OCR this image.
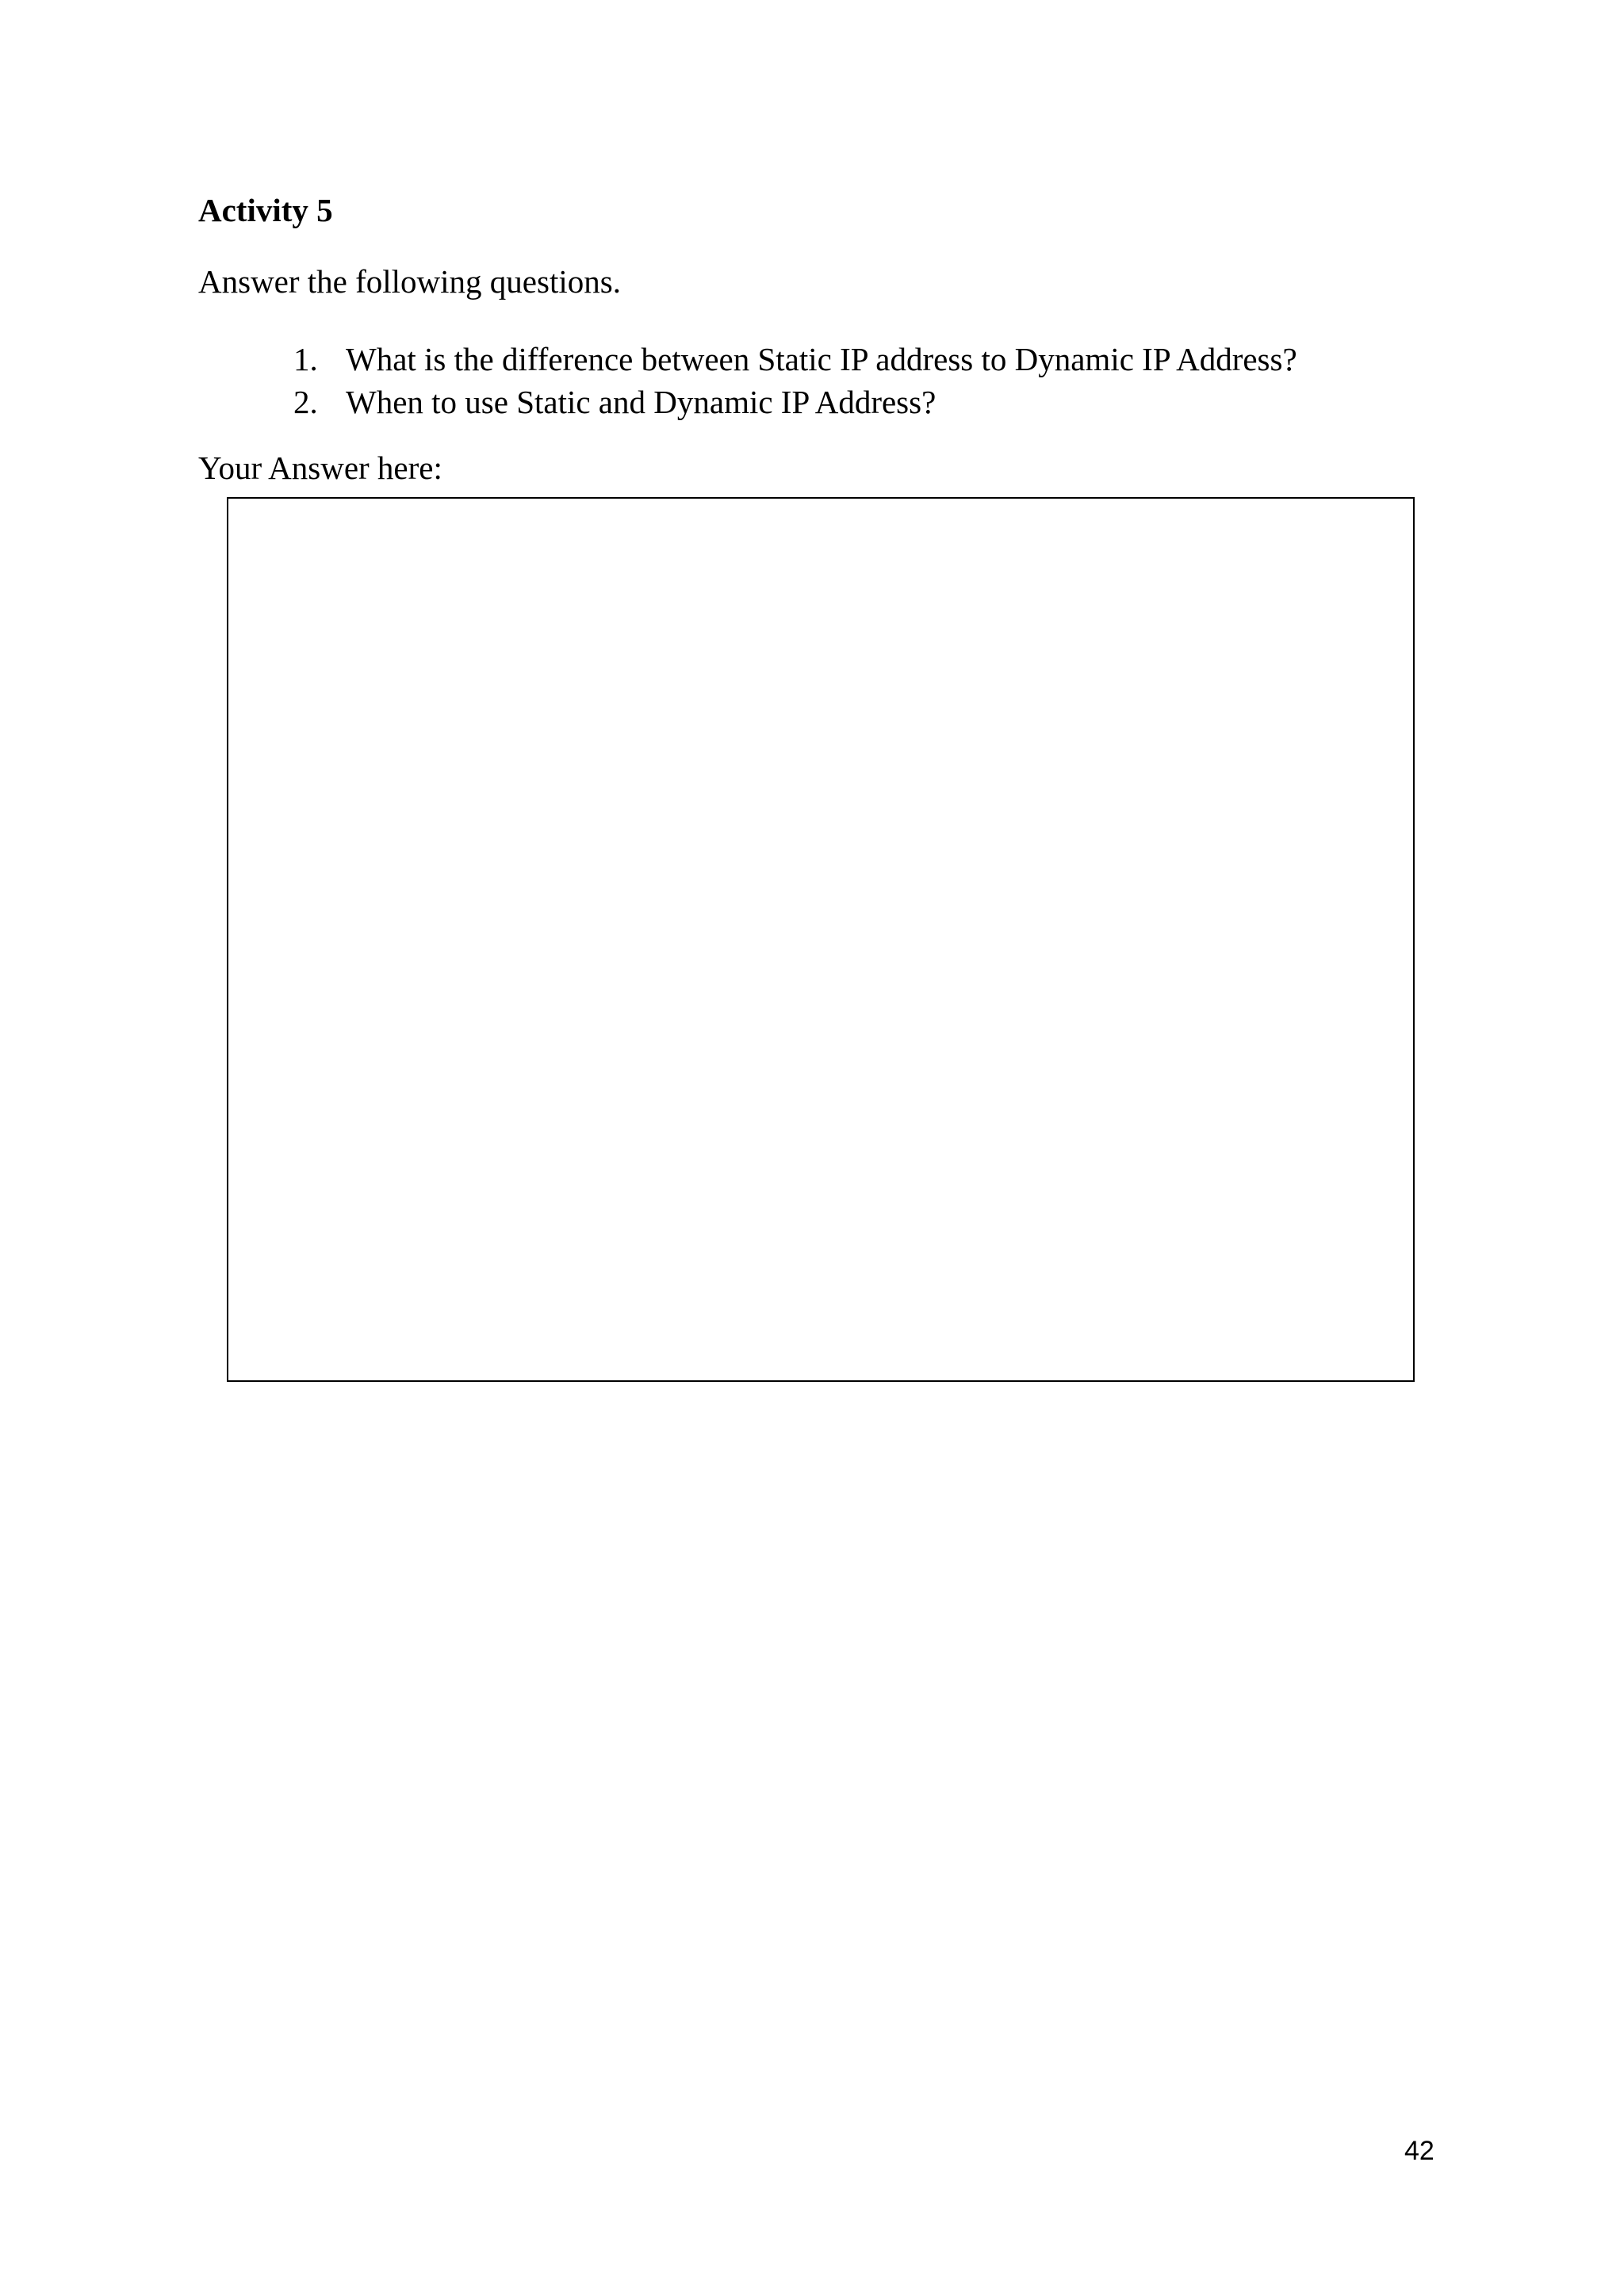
Activity 5

Answer the following questions.

1. What is the difference between Static IP address to Dynamic IP Address?
2. When to use Static and Dynamic IP Address?

Your Answer here:

42
